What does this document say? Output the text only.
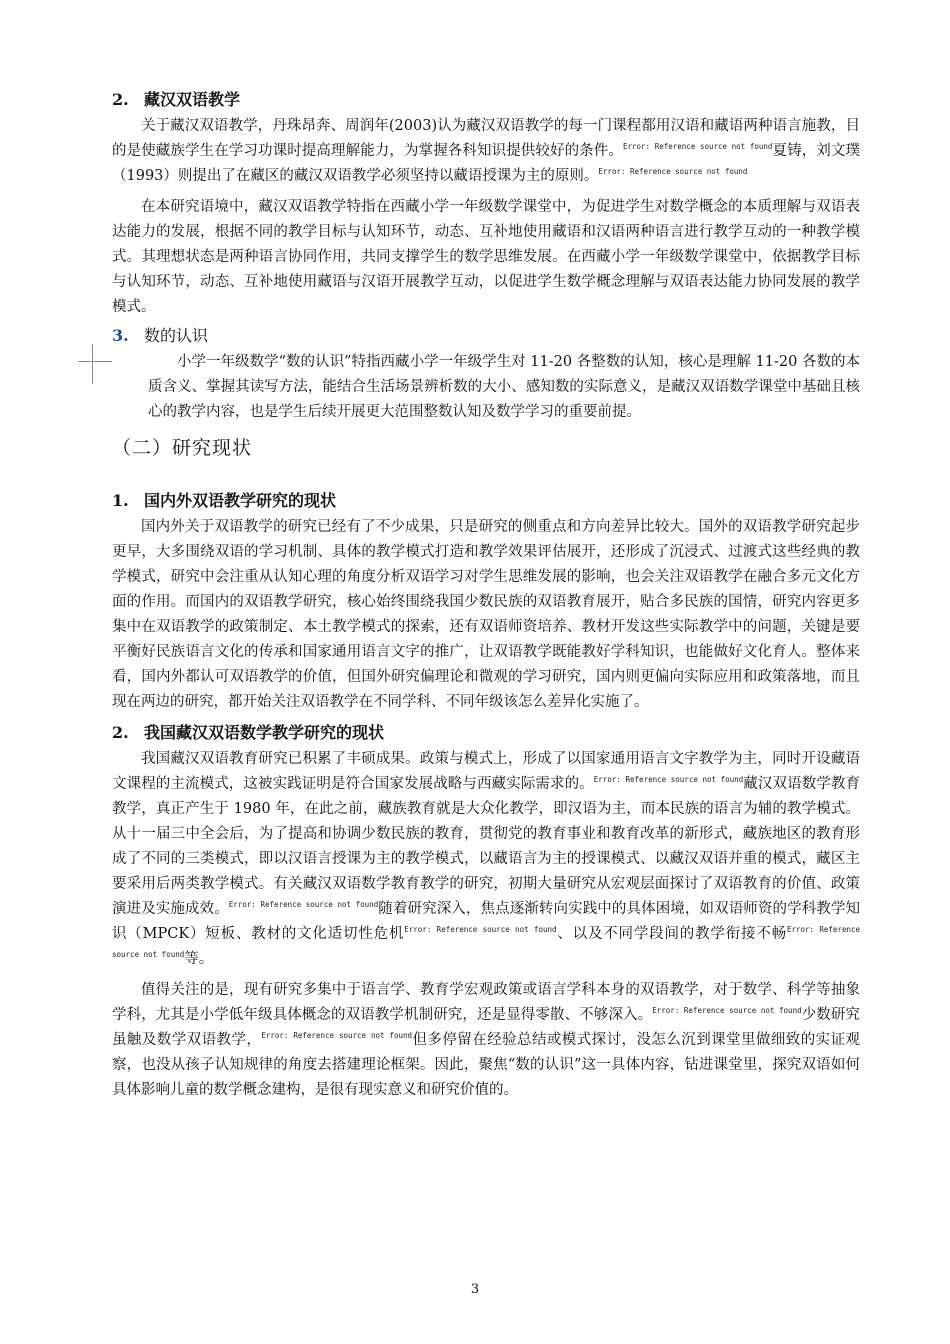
2. 藏汉双语教学

关于藏汉双语教学，丹珠昂奔、周润年(2003)认为藏汉双语教学的每一门课程都用汉语和藏语两种语言施教，目的是使藏族学生在学习功课时提高理解能力，为掌握各科知识提供较好的条件。$^{Error: Reference source not found}$夏铸，刘文璞（1993）则提出了在藏区的藏汉双语教学必须坚持以藏语授课为主的原则。$^{Error: Reference source not found}$

在本研究语境中，藏汉双语教学特指在西藏小学一年级数学课堂中，为促进学生对数学概念的本质理解与双语表达能力的发展，根据不同的教学目标与认知环节，动态、互补地使用藏语和汉语两种语言进行教学互动的一种教学模式。其理想状态是两种语言协同作用，共同支撑学生的数学思维发展。在西藏小学一年级数学课堂中，依据教学目标与认知环节，动态、互补地使用藏语与汉语开展教学互动，以促进学生数学概念理解与双语表达能力协同发展的教学模式。

3. 数的认识

小学一年级数学“数的认识”特指西藏小学一年级学生对 11-20 各整数的认知，核心是理解 11-20 各数的本质含义、掌握其读写方法，能结合生活场景辨析数的大小、感知数的实际意义，是藏汉双语数学课堂中基础且核心的教学内容，也是学生后续开展更大范围整数认知及数学学习的重要前提。

（二）研究现状
1. 国内外双语教学研究的现状

国内外关于双语教学的研究已经有了不少成果，只是研究的侧重点和方向差异比较大。国外的双语教学研究起步更早，大多围绕双语的学习机制、具体的教学模式打造和教学效果评估展开，还形成了沉浸式、过渡式这些经典的教学模式，研究中会注重从认知心理的角度分析双语学习对学生思维发展的影响，也会关注双语教学在融合多元文化方面的作用。而国内的双语教学研究，核心始终围绕我国少数民族的双语教育展开，贴合多民族的国情，研究内容更多集中在双语教学的政策制定、本土教学模式的探索，还有双语师资培养、教材开发这些实际教学中的问题，关键是要平衡好民族语言文化的传承和国家通用语言文字的推广，让双语教学既能教好学科知识，也能做好文化育人。整体来看，国内外都认可双语教学的价值，但国外研究偏理论和微观的学习研究，国内则更偏向实际应用和政策落地，而且现在两边的研究，都开始关注双语教学在不同学科、不同年级该怎么差异化实施了。

2. 我国藏汉双语数学教学研究的现状

我国藏汉双语教育研究已积累了丰硕成果。政策与模式上，形成了以国家通用语言文字教学为主，同时开设藏语文课程的主流模式，这被实践证明是符合国家发展战略与西藏实际需求的。$^{Error: Reference source not found}$藏汉双语数学教育教学，真正产生于 1980 年，在此之前，藏族教育就是大众化教学，即汉语为主，而本民族的语言为辅的教学模式。从十一届三中全会后，为了提高和协调少数民族的教育，贯彻党的教育事业和教育改革的新形式，藏族地区的教育形成了不同的三类模式，即以汉语言授课为主的教学模式，以藏语言为主的授课模式、以藏汉双语并重的模式，藏区主要采用后两类教学模式。有关藏汉双语数学教育教学的研究，初期大量研究从宏观层面探讨了双语教育的价值、政策演进及实施成效。$^{Error: Reference source not found}$随着研究深入，焦点逐渐转向实践中的具体困境，如双语师资的学科教学知识（MPCK）短板、教材的文化适切性危机$^{Error: Reference source not found}$、以及不同学段间的教学衔接不畅$^{Error: Reference source not found}$等。

值得关注的是，现有研究多集中于语言学、教育学宏观政策或语言学科本身的双语教学，对于数学、科学等抽象学科，尤其是小学低年级具体概念的双语教学机制研究，还是显得零散、不够深入。$^{Error: Reference source not found}$少数研究虽触及数学双语教学，$^{Error: Reference source not found}$但多停留在经验总结或模式探讨，没怎么沉到课堂里做细致的实证观察，也没从孩子认知规律的角度去搭建理论框架。因此，聚焦“数的认识”这一具体内容，钻进课堂里，探究双语如何具体影响儿童的数学概念建构，是很有现实意义和研究价值的。

3
